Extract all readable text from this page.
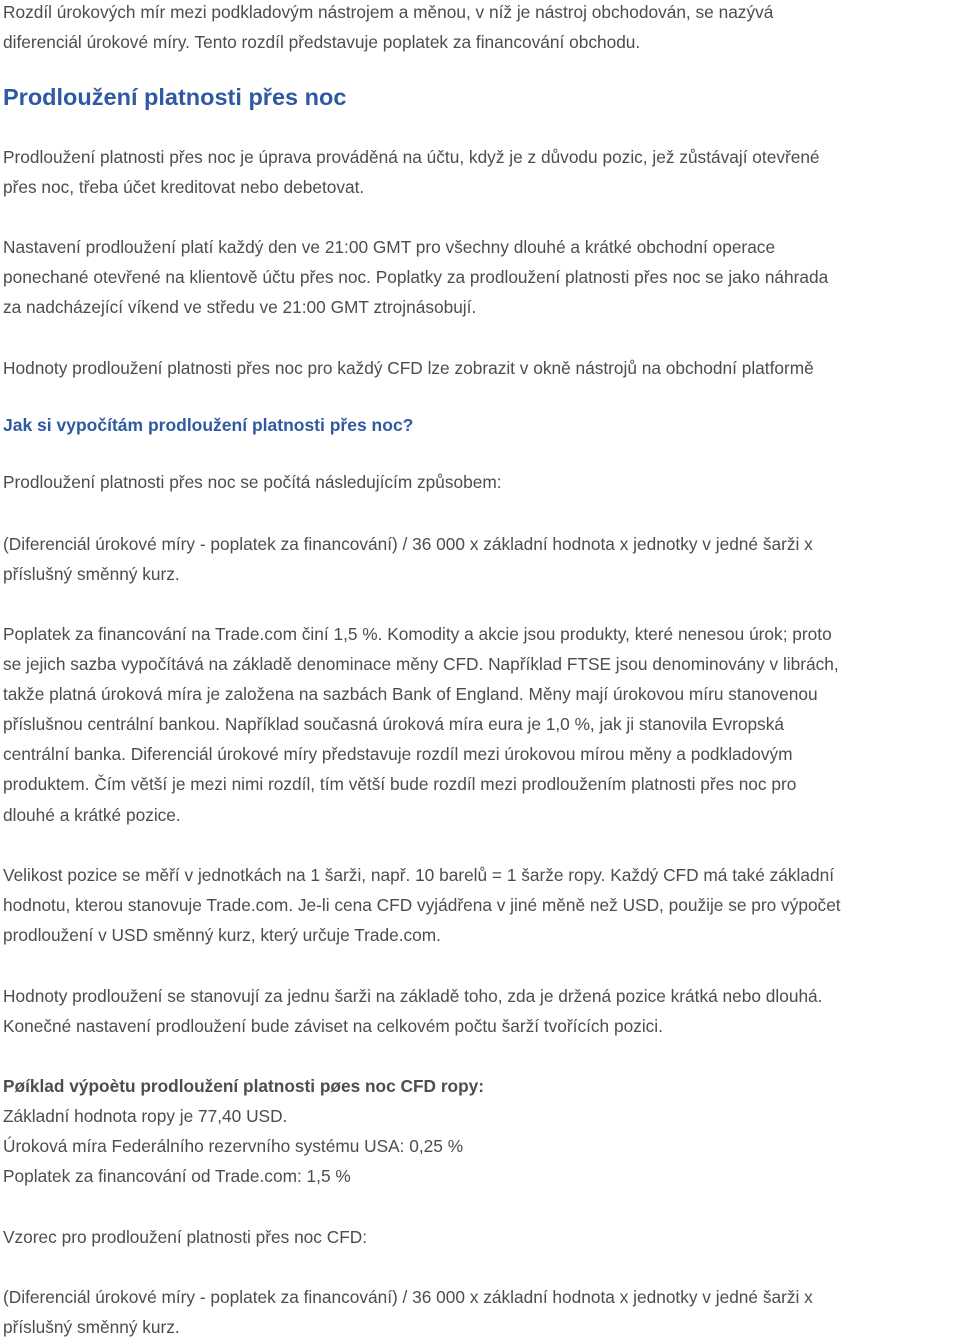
Rozdíl úrokových mír mezi podkladovým nástrojem a měnou, v níž je nástroj obchodován, se nazývá
diferenciál úrokové míry. Tento rozdíl představuje poplatek za financování obchodu.

Prodloužení platnosti přes noc

Prodloužení platnosti přes noc je úprava prováděná na účtu, když je z důvodu pozic, jež zůstávají otevřené
přes noc, třeba účet kreditovat nebo debetovat.

Nastavení prodloužení platí každý den ve 21:00 GMT pro všechny dlouhé a krátké obchodní operace
ponechané otevřené na klientově účtu přes noc. Poplatky za prodloužení platnosti přes noc se jako náhrada
za nadcházející víkend ve středu ve 21:00 GMT ztrojnásobují.

Hodnoty prodloužení platnosti přes noc pro každý CFD lze zobrazit v okně nástrojů na obchodní platformě

Jak si vypočítám prodloužení platnosti přes noc?

Prodloužení platnosti přes noc se počítá následujícím způsobem:

(Diferenciál úrokové míry - poplatek za financování) / 36 000 x základní hodnota x jednotky v jedné šarži x
příslušný směnný kurz.

Poplatek za financování na Trade.com činí 1,5 %. Komodity a akcie jsou produkty, které nenesou úrok; proto
se jejich sazba vypočítává na základě denominace měny CFD. Například FTSE jsou denominovány v librách,
takže platná úroková míra je založena na sazbách Bank of England. Měny mají úrokovou míru stanovenou
příslušnou centrální bankou. Například současná úroková míra eura je 1,0 %, jak ji stanovila Evropská
centrální banka. Diferenciál úrokové míry představuje rozdíl mezi úrokovou mírou měny a podkladovým
produktem. Čím větší je mezi nimi rozdíl, tím větší bude rozdíl mezi prodloužením platnosti přes noc pro
dlouhé a krátké pozice.

Velikost pozice se měří v jednotkách na 1 šarži, např. 10 barelů = 1 šarže ropy. Každý CFD má také základní
hodnotu, kterou stanovuje Trade.com. Je-li cena CFD vyjádřena v jiné měně než USD, použije se pro výpočet
prodloužení v USD směnný kurz, který určuje Trade.com.

Hodnoty prodloužení se stanovují za jednu šarži na základě toho, zda je držená pozice krátká nebo dlouhá.
Konečné nastavení prodloužení bude záviset na celkovém počtu šarží tvořících pozici.

Pøíklad výpoètu prodloužení platnosti pøes noc CFD ropy:
Základní hodnota ropy je 77,40 USD.
Úroková míra Federálního rezervního systému USA: 0,25 %
Poplatek za financování od Trade.com: 1,5 %

Vzorec pro prodloužení platnosti přes noc CFD:

(Diferenciál úrokové míry - poplatek za financování) / 36 000 x základní hodnota x jednotky v jedné šarži x
příslušný směnný kurz.
